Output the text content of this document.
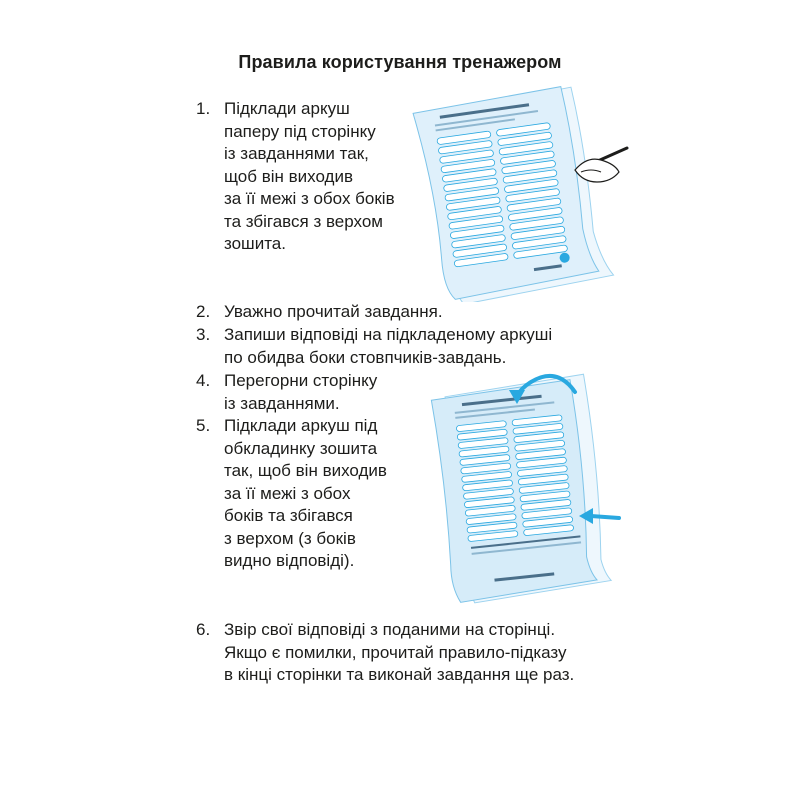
Правила користування тренажером
1. Підклади аркуш
паперу під сторінку
із завданнями так,
щоб він виходив
за її межі з обох боків
та збігався з верхом
зошита.
2. Уважно прочитай завдання.
3. Запиши відповіді на підкладеному аркуші
по обидва боки стовпчиків-завдань.
4. Перегорни сторінку
із завданнями.
5. Підклади аркуш під
обкладинку зошита
так, щоб він виходив
за її межі з обох
боків та збігався
з верхом (з боків
видно відповіді).
6. Звір свої відповіді з поданими на сторінці.
Якщо є помилки, прочитай правило-підказу
в кінці сторінки та виконай завдання ще раз.
